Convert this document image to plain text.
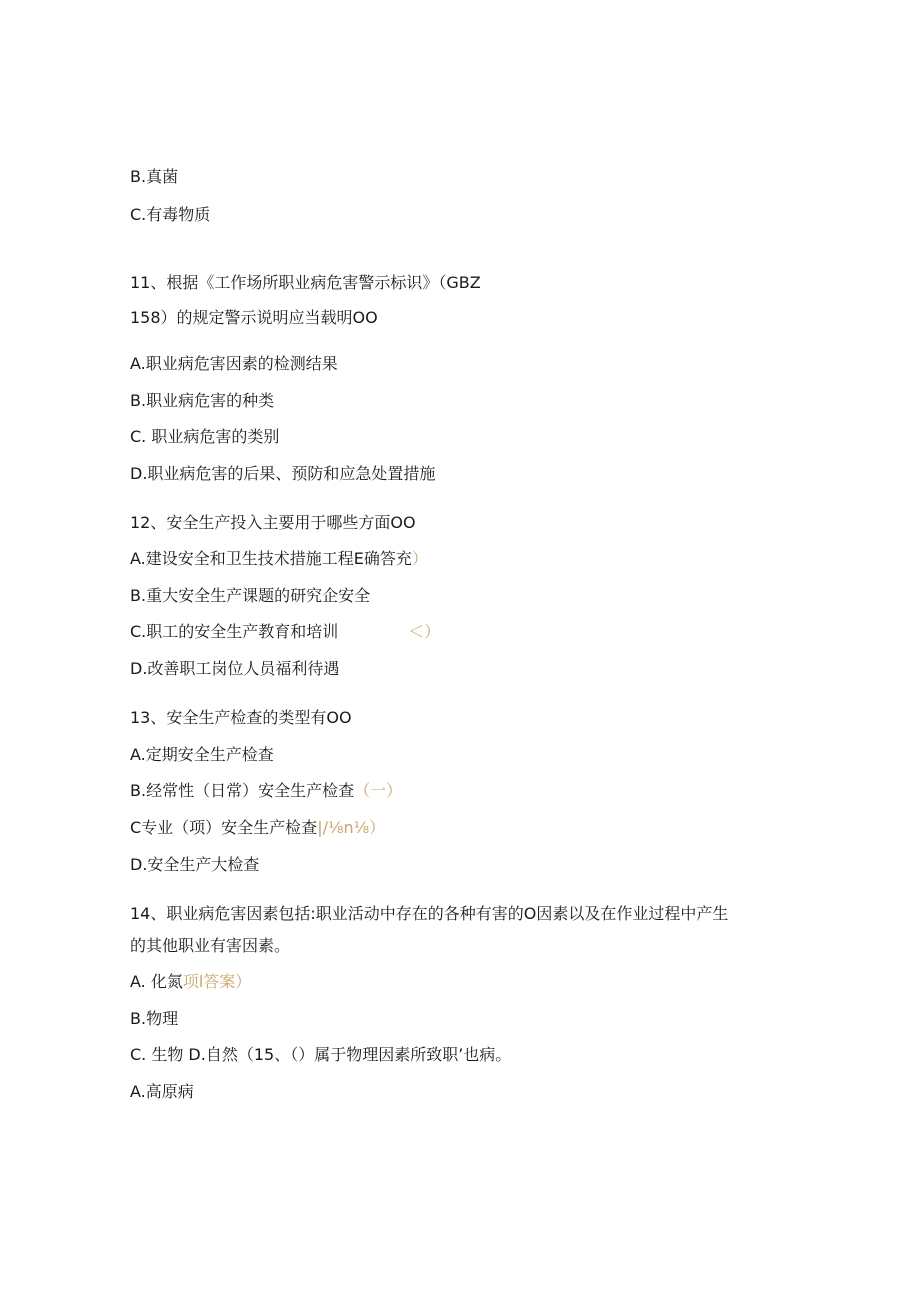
B.真菌
C.有毒物质
11、根据《工作场所职业病危害警示标识》（GBZ
158）的规定警示说明应当载明OO
A.职业病危害因素的检测结果
B.职业病危害的种类
C. 职业病危害的类别
D.职业病危害的后果、预防和应急处置措施
12、安全生产投入主要用于哪些方面OO
A.建设安全和卫生技术措施工程E确答充）
B.重大安全生产课题的研究企安全
C.职工的安全生产教育和培训	＜）
D.改善职工岗位人员福利待遇
13、安全生产检查的类型有OO
A.定期安全生产检查
B.经常性（日常）安全生产检查（一）
C专业（项）安全生产检查|/⅛n⅛）
D.安全生产大检查
14、职业病危害因素包括:职业活动中存在的各种有害的O因素以及在作业过程中产生
的其他职业有害因素。
A. 化氮项l答案）
B.物理
C. 生物 D.自然（15、（）属于物理因素所致职’也病。
A.高原病
